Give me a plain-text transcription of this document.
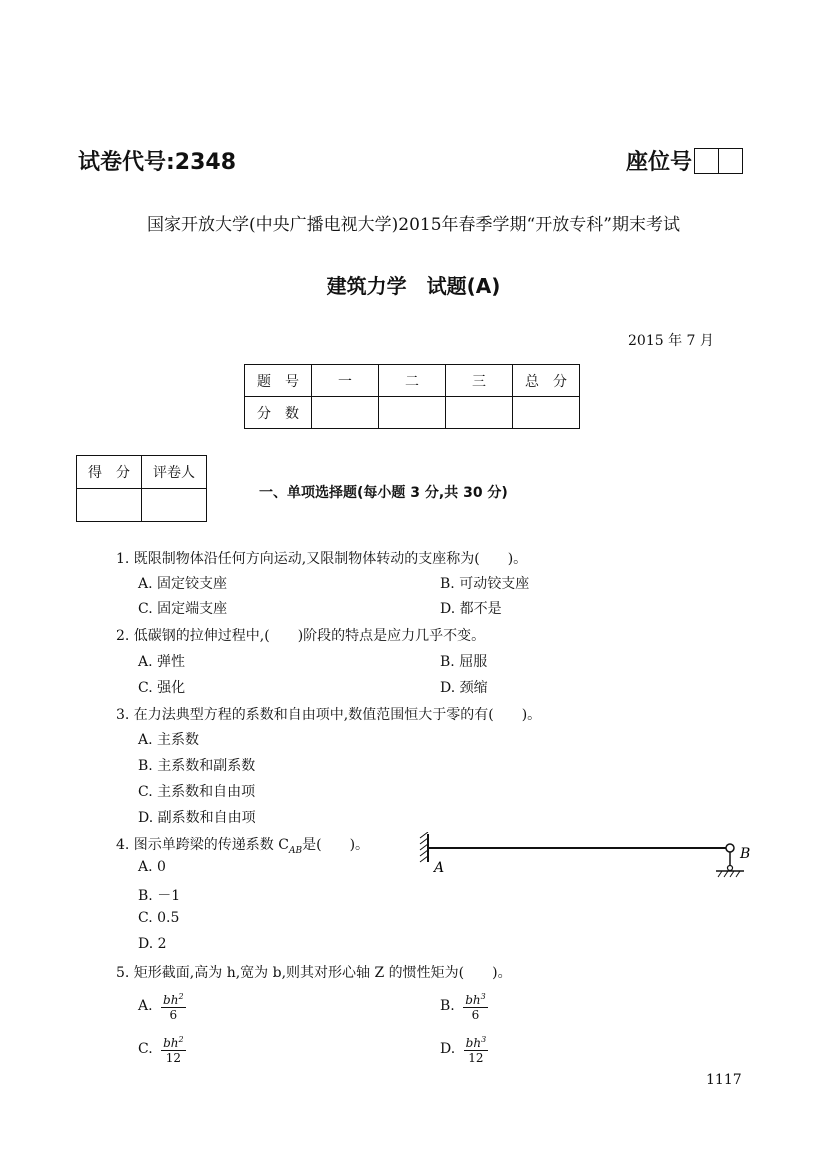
试卷代号:2348	座位号
国家开放大学(中央广播电视大学)2015年春季学期“开放专科”期末考试
建筑力学　试题(A)
2015 年 7 月
题　号	一	二	三	总　分
分　数				
得　分	评卷人

一、单项选择题(每小题 3 分,共 30 分)
1. 既限制物体沿任何方向运动,又限制物体转动的支座称为(　　)。
A. 固定铰支座	B. 可动铰支座
C. 固定端支座	D. 都不是
2. 低碳钢的拉伸过程中,(　　)阶段的特点是应力几乎不变。
A. 弹性	B. 屈服
C. 强化	D. 颈缩
3. 在力法典型方程的系数和自由项中,数值范围恒大于零的有(　　)。
A. 主系数
B. 主系数和副系数
C. 主系数和自由项
D. 副系数和自由项
4. 图示单跨梁的传递系数 $C_{AB}$是(　　)。
A. 0
B. －1
C. 0.5
D. 2
A
B
5. 矩形截面,高为 h,宽为 b,则其对形心轴 Z 的惯性矩为(　　)。
A. $\frac{bh^2}{6}$	B. $\frac{bh^3}{6}$
C. $\frac{bh^2}{12}$	D. $\frac{bh^3}{12}$
1117
